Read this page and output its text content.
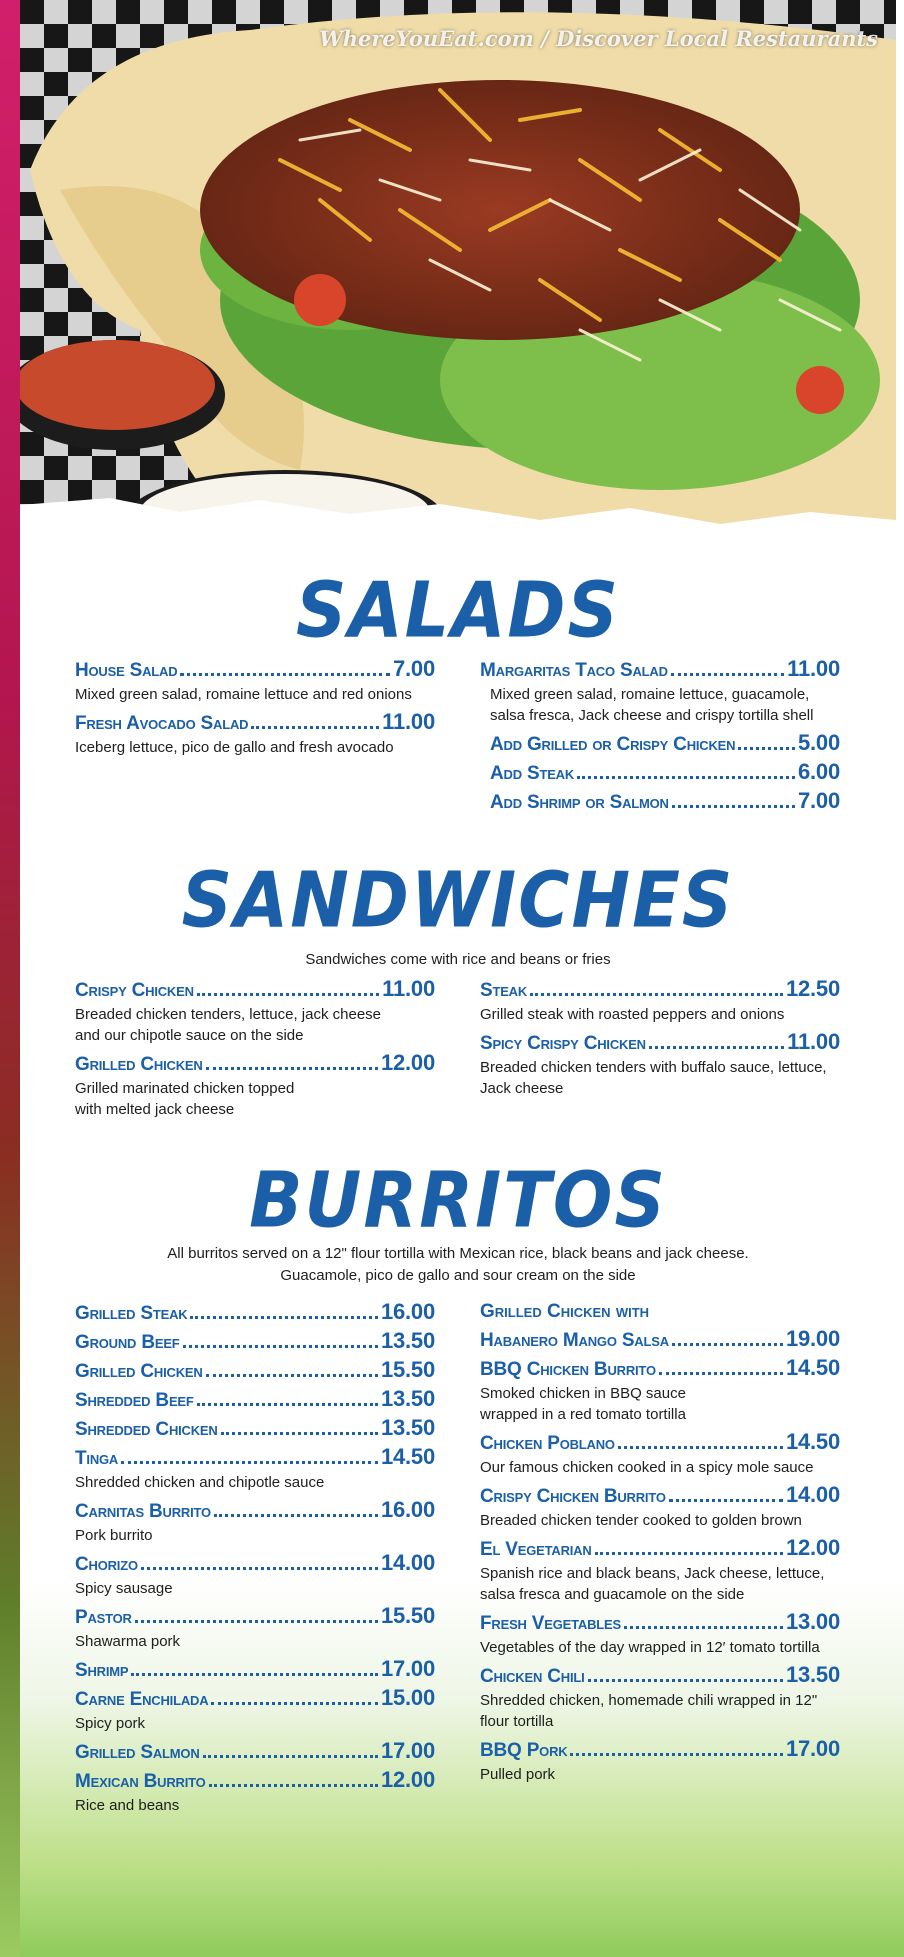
WhereYouEat.com / Discover Local Restaurants
SALADS
House Salad	7.00
Mixed green salad, romaine lettuce and red onions
Fresh Avocado Salad	11.00
Iceberg lettuce, pico de gallo and fresh avocado
Margaritas Taco Salad	11.00
Mixed green salad, romaine lettuce, guacamole, salsa fresca, Jack cheese and crispy tortilla shell
Add Grilled or Crispy Chicken	5.00
Add Steak	6.00
Add Shrimp or Salmon	7.00
SANDWICHES
Sandwiches come with rice and beans or fries
Crispy Chicken	11.00
Breaded chicken tenders, lettuce, jack cheese and our chipotle sauce on the side
Grilled Chicken	12.00
Grilled marinated chicken topped with melted jack cheese
Steak	12.50
Grilled steak with roasted peppers and onions
Spicy Crispy Chicken	11.00
Breaded chicken tenders with buffalo sauce, lettuce, Jack cheese
BURRITOS
All burritos served on a 12" flour tortilla with Mexican rice, black beans and jack cheese.
Guacamole, pico de gallo and sour cream on the side
Grilled Steak	16.00
Ground Beef	13.50
Grilled Chicken	15.50
Shredded Beef	13.50
Shredded Chicken	13.50
Tinga	14.50
Shredded chicken and chipotle sauce
Carnitas Burrito	16.00
Pork burrito
Chorizo	14.00
Spicy sausage
Pastor	15.50
Shawarma pork
Shrimp	17.00
Carne Enchilada	15.00
Spicy pork
Grilled Salmon	17.00
Mexican Burrito	12.00
Rice and beans
Grilled Chicken with
Habanero Mango Salsa	19.00
BBQ Chicken Burrito	14.50
Smoked chicken in BBQ sauce wrapped in a red tomato tortilla
Chicken Poblano	14.50
Our famous chicken cooked in a spicy mole sauce
Crispy Chicken Burrito	14.00
Breaded chicken tender cooked to golden brown
El Vegetarian	12.00
Spanish rice and black beans, Jack cheese, lettuce, salsa fresca and guacamole on the side
Fresh Vegetables	13.00
Vegetables of the day wrapped in 12′ tomato tortilla
Chicken Chili	13.50
Shredded chicken, homemade chili wrapped in 12" flour tortilla
BBQ Pork	17.00
Pulled pork
